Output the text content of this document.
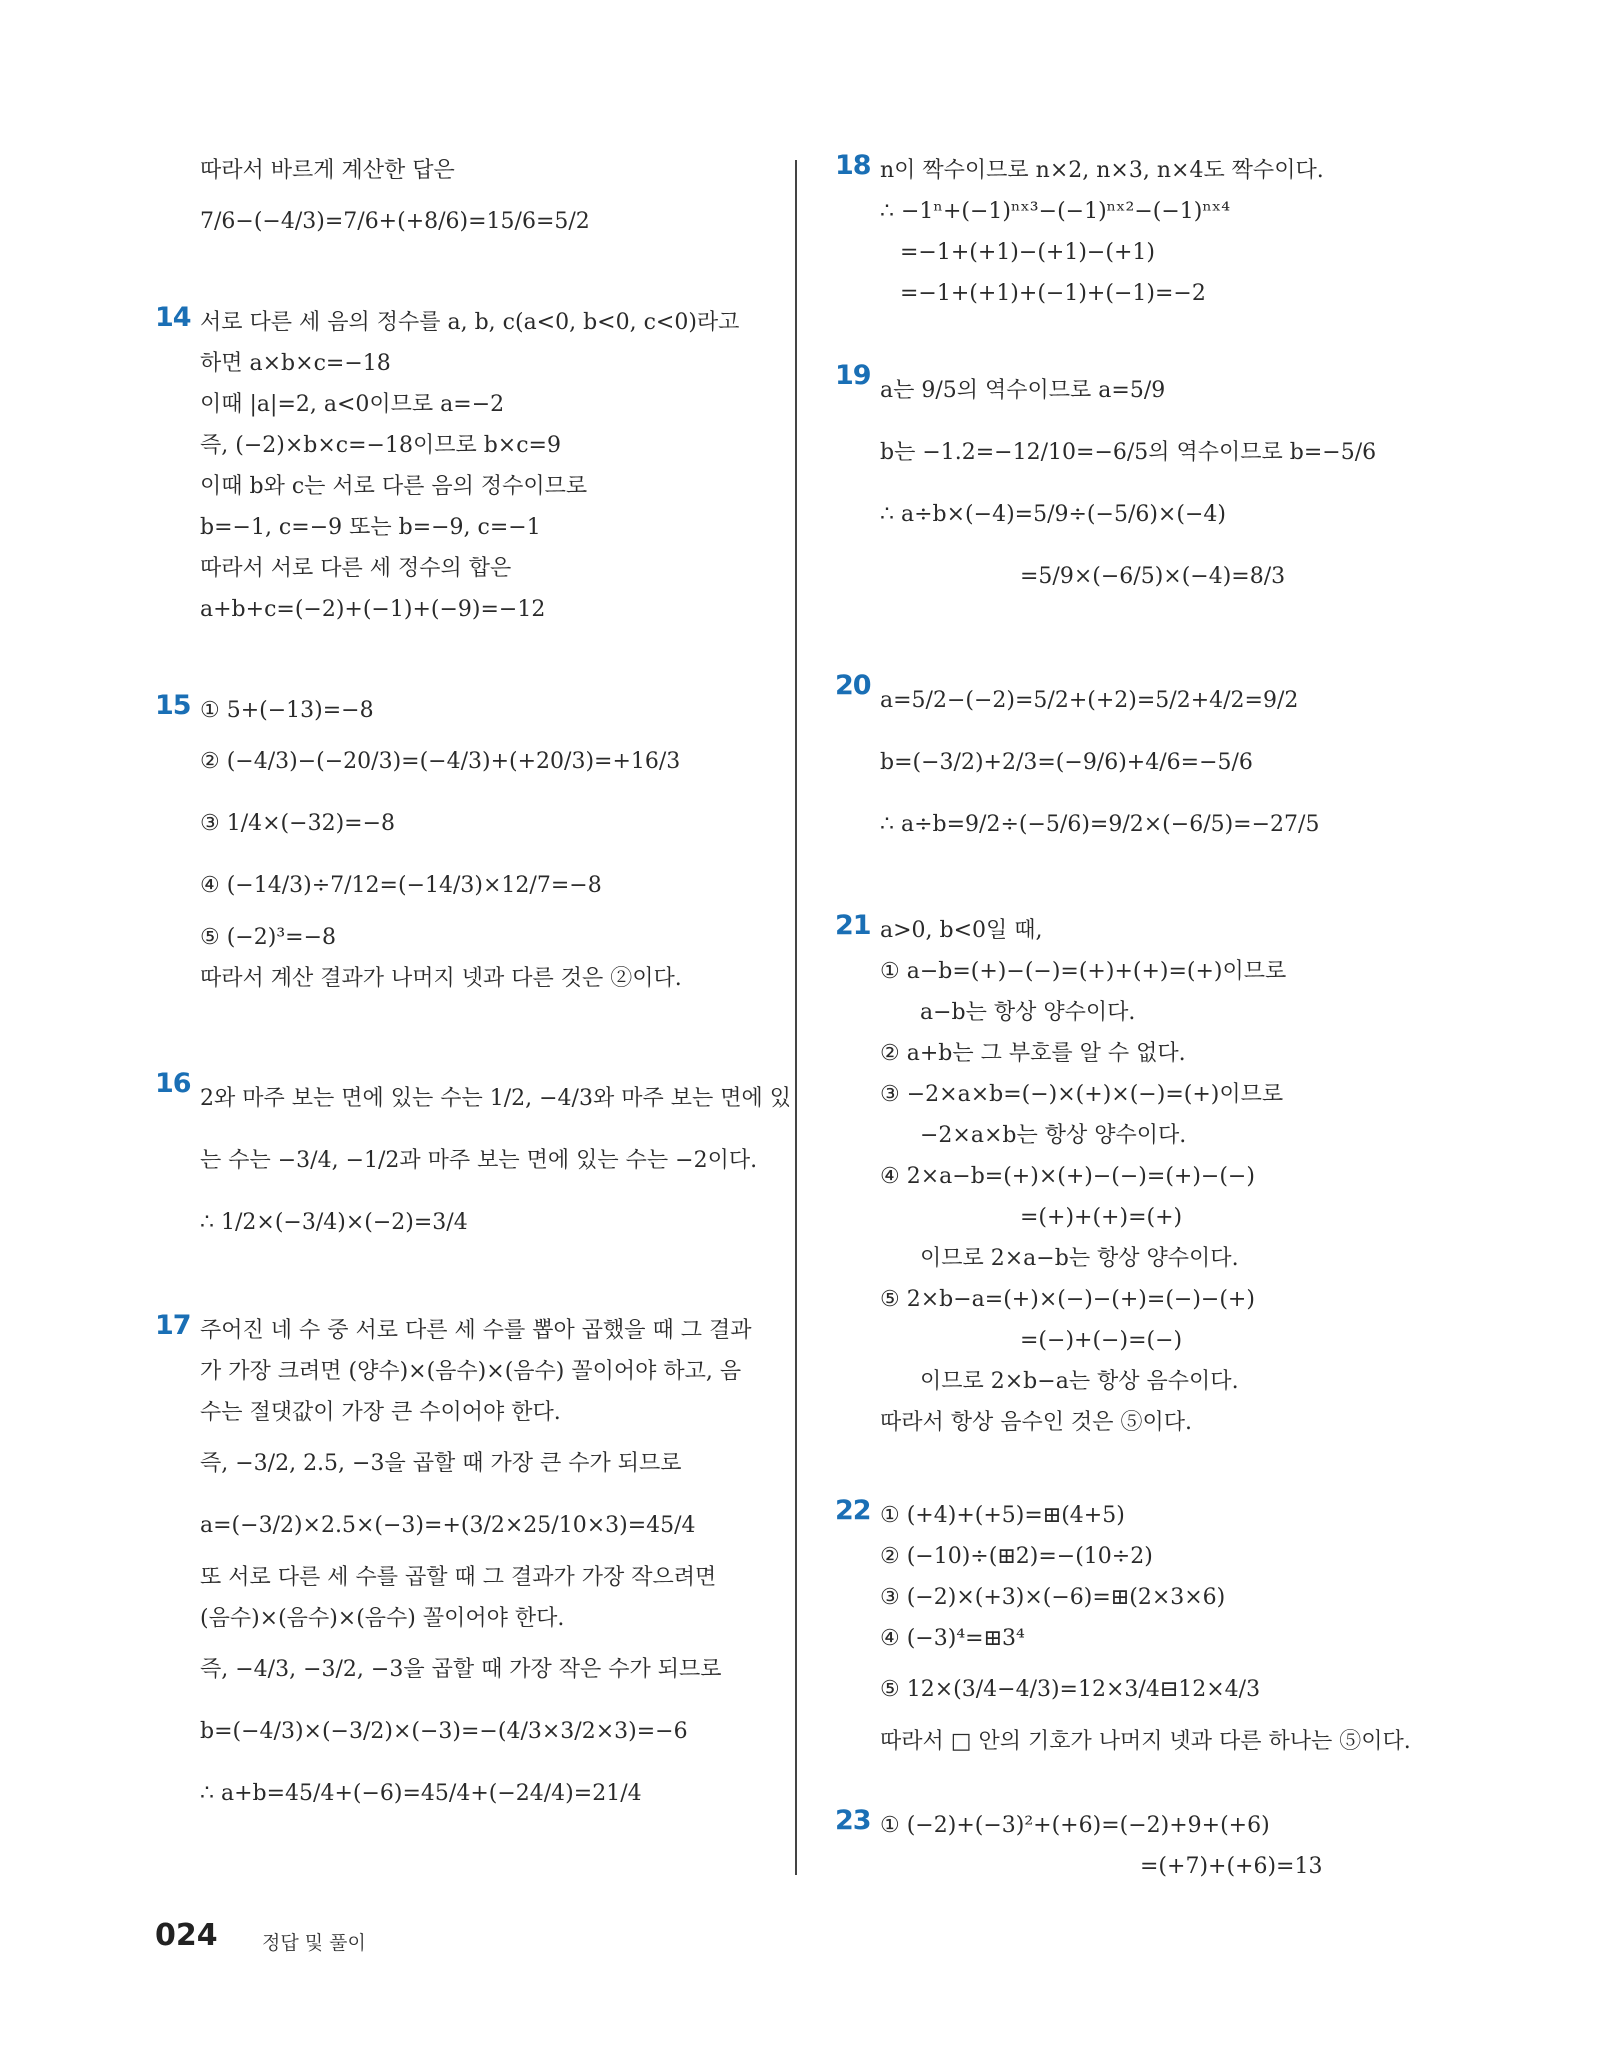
따라서 바르게 계산한 답은
7/6−(−4/3)=7/6+(+8/6)=15/6=5/2
14 서로 다른 세 음의 정수를 a, b, c(a<0, b<0, c<0)라고
하면 a×b×c=−18
이때 |a|=2, a<0이므로 a=−2
즉, (−2)×b×c=−18이므로 b×c=9
이때 b와 c는 서로 다른 음의 정수이므로
b=−1, c=−9 또는 b=−9, c=−1
따라서 서로 다른 세 정수의 합은
a+b+c=(−2)+(−1)+(−9)=−12
15 ① 5+(−13)=−8
② (−4/3)−(−20/3)=(−4/3)+(+20/3)=+16/3
③ 1/4×(−32)=−8
④ (−14/3)÷7/12=(−14/3)×12/7=−8
⑤ (−2)³=−8
따라서 계산 결과가 나머지 넷과 다른 것은 ②이다.
16 2와 마주 보는 면에 있는 수는 1/2, −4/3와 마주 보는 면에 있
는 수는 −3/4, −1/2과 마주 보는 면에 있는 수는 −2이다.
∴ 1/2×(−3/4)×(−2)=3/4
17 주어진 네 수 중 서로 다른 세 수를 뽑아 곱했을 때 그 결과
가 가장 크려면 (양수)×(음수)×(음수) 꼴이어야 하고, 음
수는 절댓값이 가장 큰 수이어야 한다.
즉, −3/2, 2.5, −3을 곱할 때 가장 큰 수가 되므로
a=(−3/2)×2.5×(−3)=+(3/2×25/10×3)=45/4
또 서로 다른 세 수를 곱할 때 그 결과가 가장 작으려면
(음수)×(음수)×(음수) 꼴이어야 한다.
즉, −4/3, −3/2, −3을 곱할 때 가장 작은 수가 되므로
b=(−4/3)×(−3/2)×(−3)=−(4/3×3/2×3)=−6
∴ a+b=45/4+(−6)=45/4+(−24/4)=21/4
18 n이 짝수이므로 n×2, n×3, n×4도 짝수이다.
∴ −1ⁿ+(−1)ⁿˣ³−(−1)ⁿˣ²−(−1)ⁿˣ⁴
=−1+(+1)−(+1)−(+1)
=−1+(+1)+(−1)+(−1)=−2
19 a는 9/5의 역수이므로 a=5/9
b는 −1.2=−12/10=−6/5의 역수이므로 b=−5/6
∴ a÷b×(−4)=5/9÷(−5/6)×(−4)
=5/9×(−6/5)×(−4)=8/3
20 a=5/2−(−2)=5/2+(+2)=5/2+4/2=9/2
b=(−3/2)+2/3=(−9/6)+4/6=−5/6
∴ a÷b=9/2÷(−5/6)=9/2×(−6/5)=−27/5
21 a>0, b<0일 때,
① a−b=(+)−(−)=(+)+(+)=(+)이므로
a−b는 항상 양수이다.
② a+b는 그 부호를 알 수 없다.
③ −2×a×b=(−)×(+)×(−)=(+)이므로
−2×a×b는 항상 양수이다.
④ 2×a−b=(+)×(+)−(−)=(+)−(−)
=(+)+(+)=(+)
이므로 2×a−b는 항상 양수이다.
⑤ 2×b−a=(+)×(−)−(+)=(−)−(+)
=(−)+(−)=(−)
이므로 2×b−a는 항상 음수이다.
따라서 항상 음수인 것은 ⑤이다.
22 ① (+4)+(+5)=⊞(4+5)
② (−10)÷(⊞2)=−(10÷2)
③ (−2)×(+3)×(−6)=⊞(2×3×6)
④ (−3)⁴=⊞3⁴
⑤ 12×(3/4−4/3)=12×3/4⊟12×4/3
따라서 □ 안의 기호가 나머지 넷과 다른 하나는 ⑤이다.
23 ① (−2)+(−3)²+(+6)=(−2)+9+(+6)
=(+7)+(+6)=13
024 정답 및 풀이
